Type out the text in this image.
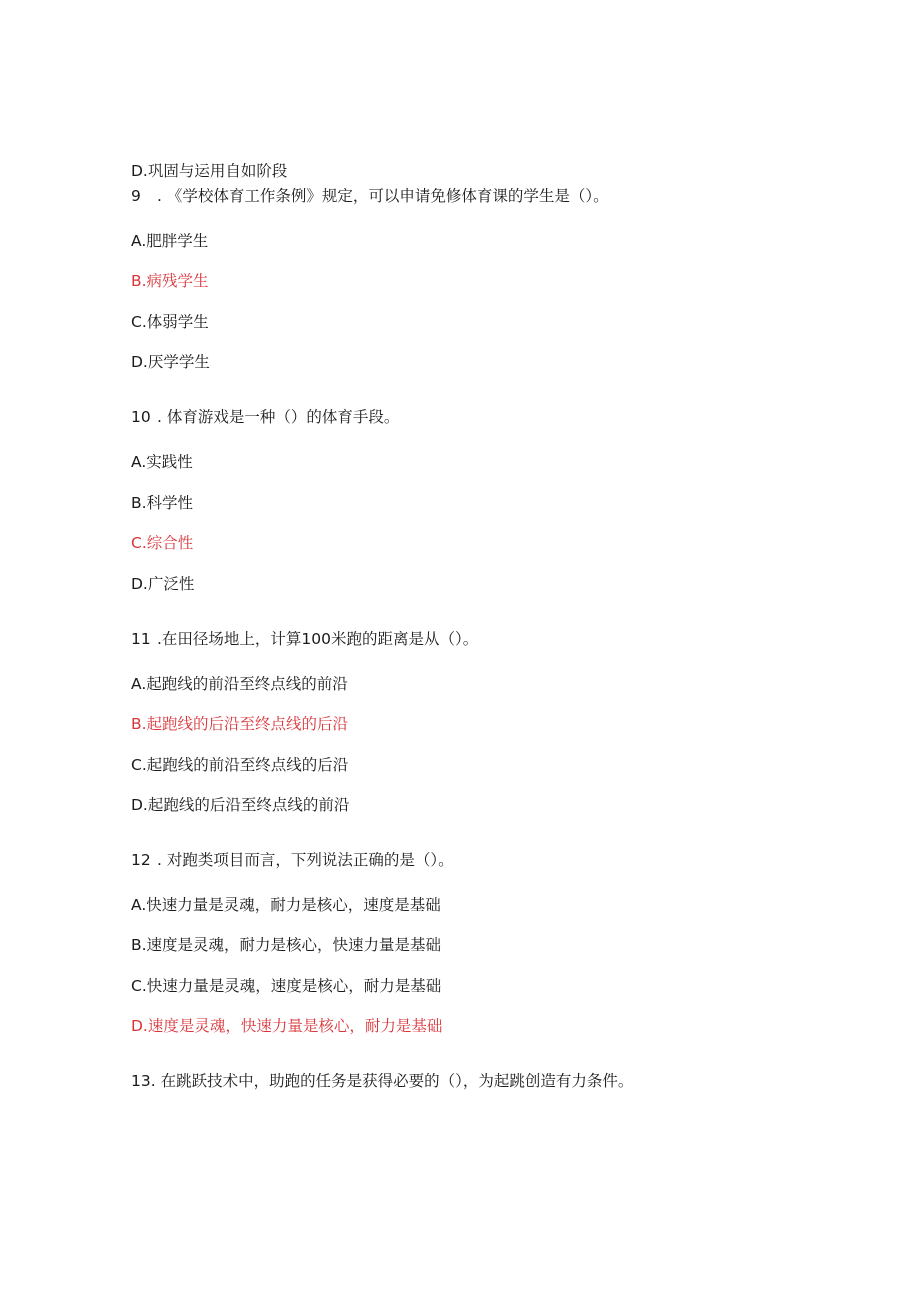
D.巩固与运用自如阶段
9 . 《学校体育工作条例》规定，可以申请免修体育课的学生是（）。
A.肥胖学生
B.病残学生
C.体弱学生
D.厌学学生
10 . 体育游戏是一种（）的体育手段。
A.实践性
B.科学性
C.综合性
D.广泛性
11 .在田径场地上，计算100米跑的距离是从（）。
A.起跑线的前沿至终点线的前沿
B.起跑线的后沿至终点线的后沿
C.起跑线的前沿至终点线的后沿
D.起跑线的后沿至终点线的前沿
12 . 对跑类项目而言，下列说法正确的是（）。
A.快速力量是灵魂，耐力是核心，速度是基础
B.速度是灵魂，耐力是核心，快速力量是基础
C.快速力量是灵魂，速度是核心，耐力是基础
D.速度是灵魂，快速力量是核心，耐力是基础
13. 在跳跃技术中，助跑的任务是获得必要的（），为起跳创造有力条件。
